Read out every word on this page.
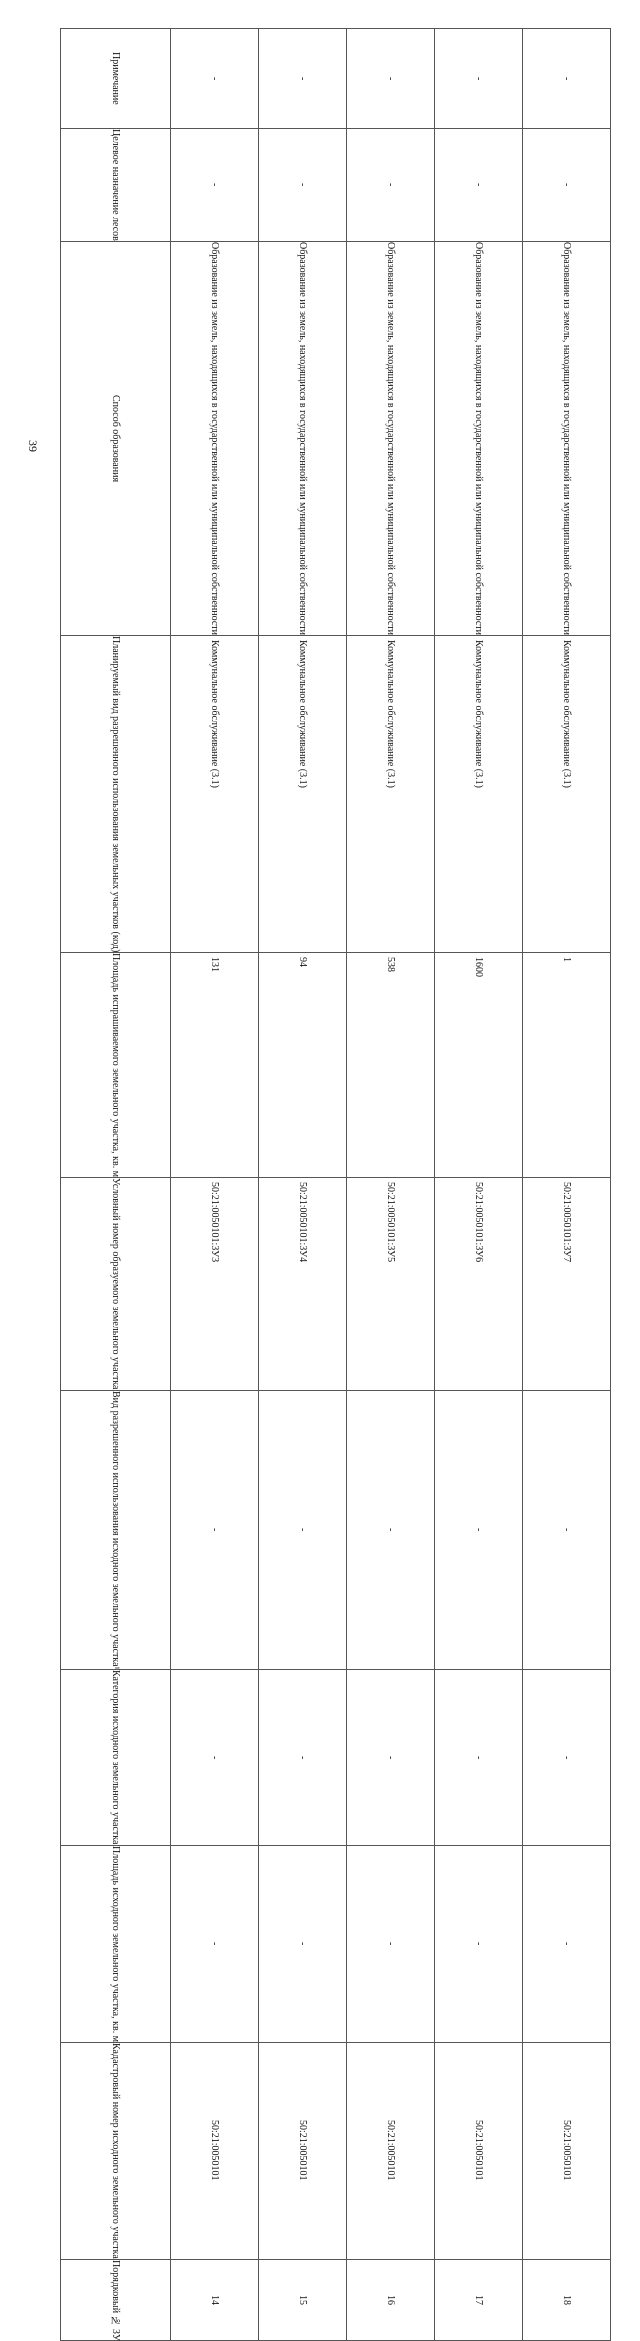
39
Примечание	-	-	-	-	-

Целевое назначение лесов	-	-	-	-	-

Способ образования	Образование из земель, находящихся в государственной или муниципальной собственности	Образование из земель, находящихся в государственной или муниципальной собственности	Образование из земель, находящихся в государственной или муниципальной собственности	Образование из земель, находящихся в государственной или муниципальной собственности	Образование из земель, находящихся в государственной или муниципальной собственности

Планируемый вид разрешенного использования земельных участков (код)	Коммунальное обслуживание (3.1)	Коммунальное обслуживание (3.1)	Коммунальное обслуживание (3.1)	Коммунальное обслуживание (3.1)	Коммунальное обслуживание (3.1)

Площадь испрашиваемого земельного участка, кв. м	131	94	538	1600	1

Условный номер образуемого земельного участка	50:21:0050101:ЗУ3	50:21:0050101:ЗУ4	50:21:0050101:ЗУ5	50:21:0050101:ЗУ6	50:21:0050101:ЗУ7

Вид разрешенного использования исходного земельного участка¹	-	-	-	-	-

Категория исходного земельного участка	-	-	-	-	-

Площадь исходного земельного участка, кв. м	-	-	-	-	-

Кадастровый номер исходного земельного участка	50:21:0050101	50:21:0050101	50:21:0050101	50:21:0050101	50:21:0050101

Порядковый № ЗУ	14	15	16	17	18
